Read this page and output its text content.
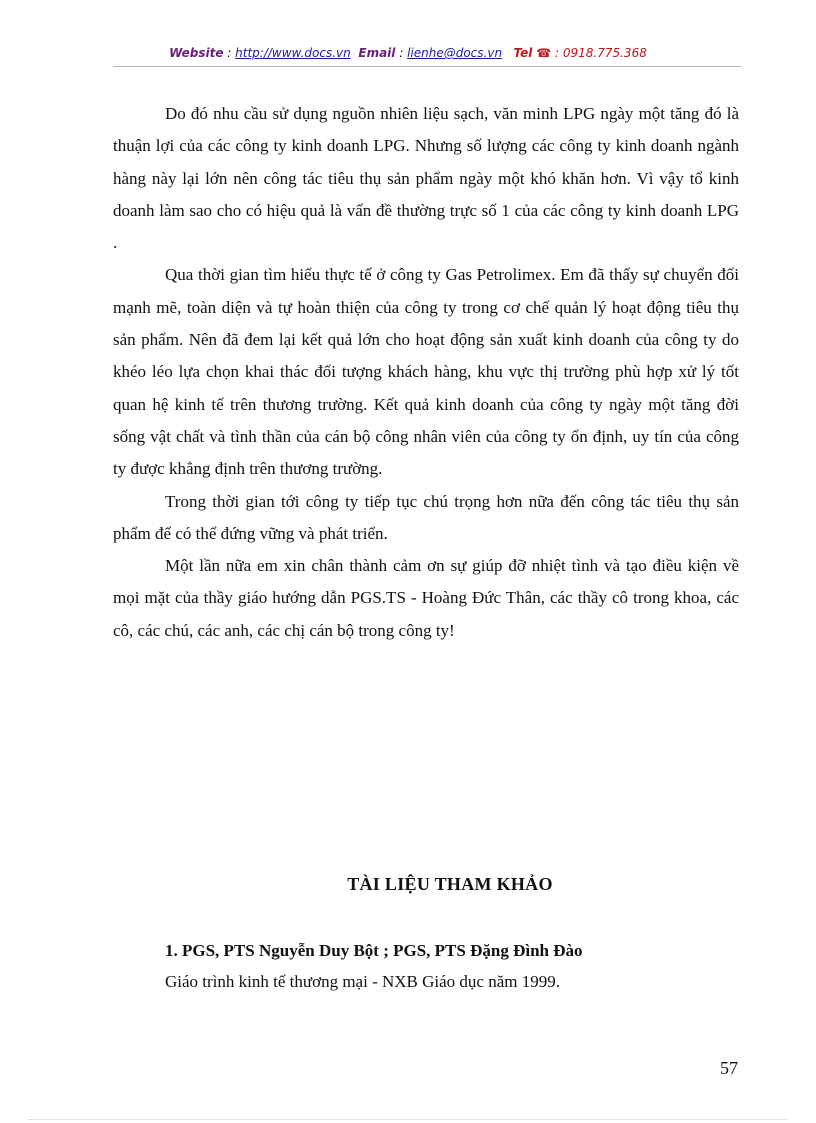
Website : http://www.docs.vn Email : lienhe@docs.vn Tel ☎ : 0918.775.368

Do đó nhu cầu sử dụng nguồn nhiên liệu sạch, văn minh LPG ngày một tăng đó là thuận lợi của các công ty kinh doanh LPG. Nhưng số lượng các công ty kinh doanh ngành hàng này lại lớn nên công tác tiêu thụ sản phẩm ngày một khó khăn hơn. Vì vậy tổ kinh doanh làm sao cho có hiệu quả là vấn đề thường trực số 1 của các công ty kinh doanh LPG .

Qua thời gian tìm hiểu thực tế ở công ty Gas Petrolimex. Em đã thấy sự chuyển đổi mạnh mẽ, toàn diện và tự hoàn thiện của công ty trong cơ chế quản lý hoạt động tiêu thụ sản phẩm. Nên đã đem lại kết quả lớn cho hoạt động sản xuất kinh doanh của công ty do khéo léo lựa chọn khai thác đối tượng khách hàng, khu vực thị trường phù hợp xử lý tốt quan hệ kinh tế trên thương trường. Kết quả kinh doanh của công ty ngày một tăng đời sống vật chất và tình thần của cán bộ công nhân viên của công ty ổn định, uy tín của công ty được khẳng định trên thương trường.

Trong thời gian tới công ty tiếp tục chú trọng hơn nữa đến công tác tiêu thụ sản phẩm để có thể đứng vững và phát triển.

Một lần nữa em xin chân thành cảm ơn sự giúp đỡ nhiệt tình và tạo điều kiện về mọi mặt của thầy giáo hướng dẫn PGS.TS - Hoàng Đức Thân, các thầy cô trong khoa, các cô, các chú, các anh, các chị cán bộ trong công ty!

TÀI LIỆU THAM KHẢO
1. PGS, PTS Nguyễn Duy Bột ; PGS, PTS Đặng Đình Đào
Giáo trình kinh tế thương mại - NXB Giáo dục năm 1999.
57
